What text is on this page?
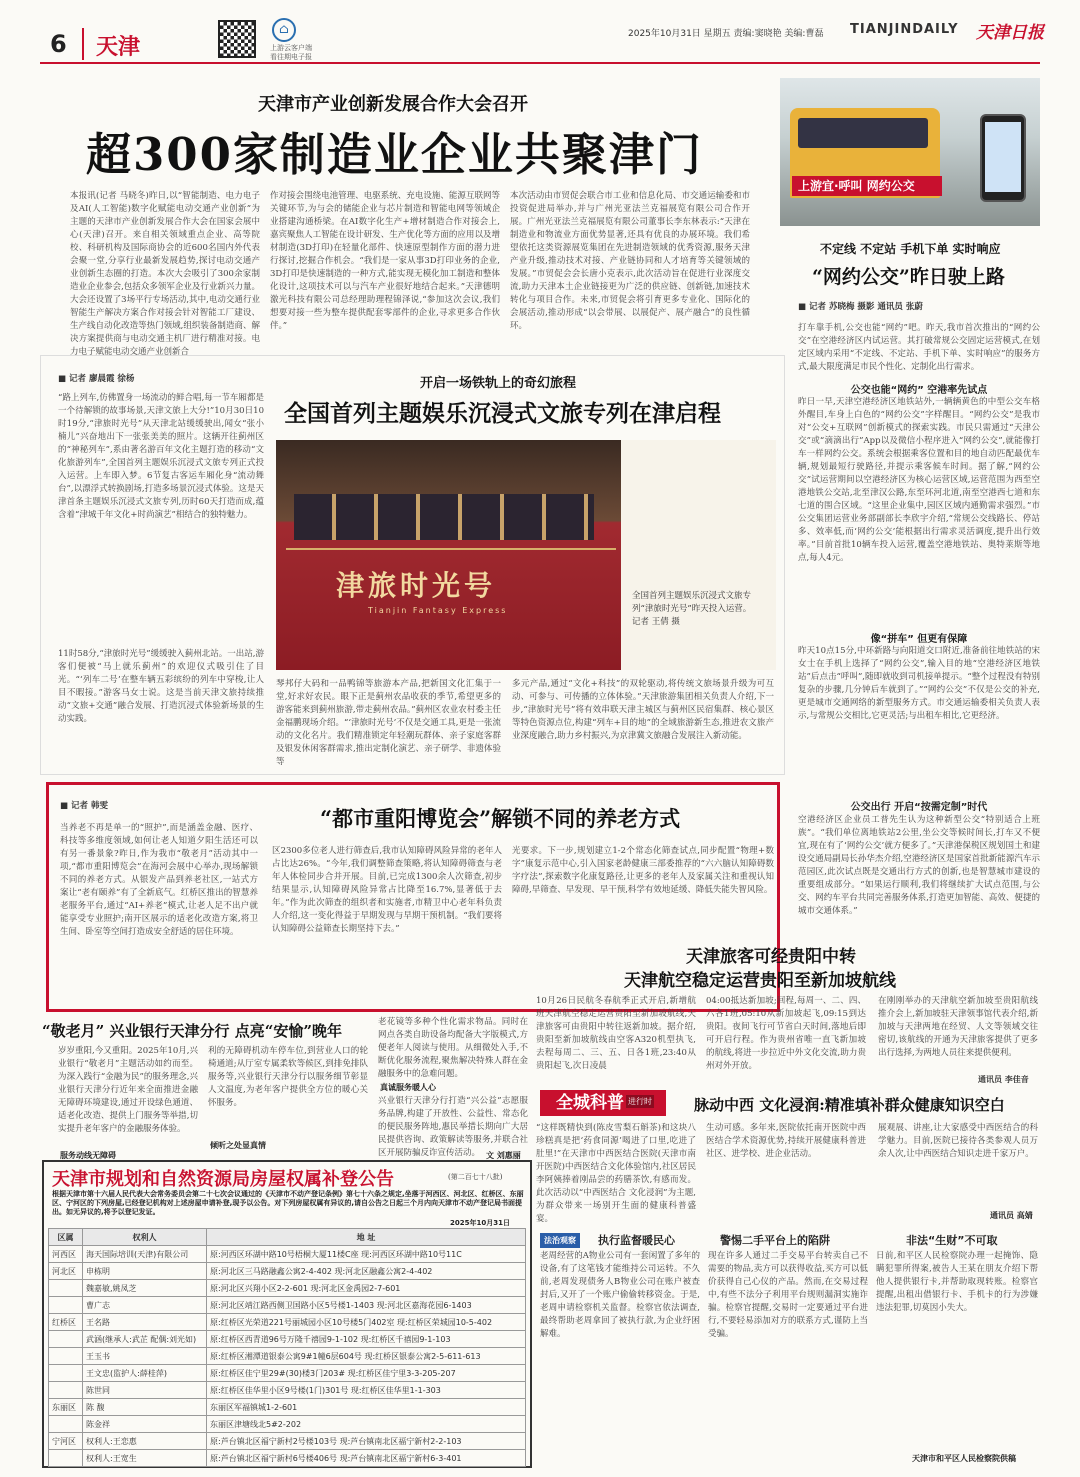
6 天津
⌂
上游云客户端
看往期电子报
2025年10月31日 星期五 责编:窦晓艳 美编:曹磊 TIANJINDAILY 天津日报
天津市产业创新发展合作大会召开
超300家制造业企业共聚津门
本报讯(记者 马晓冬)昨日,以“智能制造、电力电子及AI(人工智能)数字化赋能电动交通产业创新”为主题的天津市产业创新发展合作大会在国家会展中心(天津)召开。来自相关领域重点企业、高等院校、科研机构及国际商协会的近600名国内外代表会聚一堂,分享行业最新发展趋势,探讨电动交通产业创新生态圈的打造。本次大会吸引了300余家制造业企业参会,包括众多领军企业及行业新兴力量。大会还设置了3场平行专场活动,其中,电动交通行业智能生产解决方案合作对接会针对智能工厂建设、生产线自动化改造等热门领域,组织装备制造商、解决方案提供商与电动交通主机厂进行精准对接。电力电子赋能电动交通产业创新合
作对接会围绕电池管理、电驱系统、充电设施、能源互联网等关键环节,为与会的储能企业与芯片制造和智能电网等领域企业搭建沟通桥梁。在AI数字化生产+增材制造合作对接会上,嘉宾聚焦人工智能在设计研发、生产优化等方面的应用以及增材制造(3D打印)在轻量化部件、快速原型制作方面的潜力进行探讨,挖掘合作机会。“我们是一家从事3D打印业务的企业,3D打印是快速制造的一种方式,能实现无模化加工制造和整体化设计,这项技术可以与汽车产业很好地结合起来。”天津德明激光科技有限公司总经理助理程锦泽说,“参加这次会议,我们想要对接一些为整车提供配套零部件的企业,寻求更多合作伙伴。”
本次活动由市贸促会联合市工业和信息化局、市交通运输委和市投资促进局举办,并与广州光亚法兰克福展览有限公司合作开展。广州光亚法兰克福展览有限公司董事长李东林表示:“天津在制造业和物流业方面优势显著,还具有优良的办展环境。我们希望依托这类资源展览集团在先进制造领域的优秀资源,服务天津产业升级,推动技术对接、产业链协同和人才培育等关键领域的发展。”市贸促会会长唐小克表示,此次活动旨在促进行业深度交流,助力天津本土企业链接更为广泛的供应链、创新链,加速技术转化与项目合作。未来,市贸促会将引育更多专业化、国际化的会展活动,推动形成“以会带展、以展促产、展产融合”的良性循环。
上游宜·呼叫 网约公交
不定线 不定站 手机下单 实时响应
“网约公交”昨日驶上路
■ 记者 苏晓梅 摄影 通讯员 张蔚
打车靠手机,公交也能“网约”吧。昨天,我市首次推出的“网约公交”在空港经济区内试运营。其打破常规公交固定运营模式,在划定区域内采用“不定线、不定站、手机下单、实时响应”的服务方式,最大限度满足市民个性化、定制化出行需求。
公交也能“网约” 空港率先试点
昨日一早,天津空港经济区地铁站外,一辆辆黄色的中型公交车格外醒目,车身上白色的“网约公交”字样醒目。“网约公交”是我市对“公交+互联网”创新模式的探索实践。市民只需通过“天津公交”或“滴滴出行”App以及微信小程序进入“网约公交”,就能像打车一样网约公交。系统会根据乘客位置和目的地自动匹配最优车辆,规划最短行驶路径,并提示乘客候车时间。据了解,“网约公交”试运营期间以空港经济区为核心运营区域,运营范围为西至空港地铁公交站,北至津汉公路,东至环河北道,南至空港西七道和东七道的围合区域。“这里企业集中,园区区域内通勤需求强烈。”市公交集团运营业务部副部长李欣宇介绍,“常规公交线路长、停站多、效率低,而‘网约公交’能根据出行需求灵活调度,提升出行效率。”目前首批10辆车投入运营,覆盖空港地铁站、奥特莱斯等地点,每人4元。
像“拼车” 但更有保障
昨天10点15分,中环新路与向阳道交口附近,准备前往地铁站的宋女士在手机上选择了“网约公交”,输入目的地“空港经济区地铁站”后点击“呼叫”,随即就收到司机接单提示。“整个过程没有特别复杂的步骤,几分钟后车就到了。”“网约公交”不仅是公交的补充,更是城市交通网络的新型服务方式。市交通运输委相关负责人表示,与常规公交相比,它更灵活;与出租车相比,它更经济。
公交出行 开启“按需定制”时代
空港经济区企业员工普先生认为这种新型公交“特别适合上班族”。“我们单位离地铁站2公里,坐公交等候时间长,打车又不便宜,现在有了‘网约公交’就方便多了。”天津港保税区规划国土和建设交通局副局长孙华杰介绍,空港经济区是国家首批新能源汽车示范园区,此次试点既是交通出行方式的创新,也是智慧城市建设的重要组成部分。“如果运行顺利,我们将继续扩大试点范围,与公交、网约车平台共同完善服务体系,打造更加智能、高效、便捷的城市交通体系。”
■ 记者 廖晨霞 徐杨	开启一场铁轨上的奇幻旅程
全国首列主题娱乐沉浸式文旅专列在津启程
“路上列车,仿佛置身一场流动的鲜合唱,每一节车厢都是一个待解锁的故事场景,天津文旅上大分!”10月30日10时19分,“津旅时光号”从天津北站缓缓驶出,闻女“张小楠儿”兴奋地出下一张张美美的照片。这辆开往蓟州区的“神秘列车”,系由著名游百年文化主题打造的移动“文化旅游列车”,全国首列主题娱乐沉浸式文旅专列正式投入运营。上车即入梦。6节复古客运车厢化身“流动舞台”,以漂浮式转换剧场,打造多场景沉浸式体验。这是天津首条主题娱乐沉浸式文旅专列,历时60天打造而成,蕴含着“津城千年文化+时尚演艺”相结合的独特魅力。
11时58分,“津旅时光号”缓缓驶入蓟州北站。一出站,游客们便被“马上就乐蓟州”的欢迎仪式吸引住了目光。“‘列车二号’在整车辆五彩缤纷的列车中穿梭,让人目不暇接。”游客马女士说。这是当前天津文旅持续推动“文旅+交通”融合发展、打造沉浸式体验新场景的生动实践。
津旅时光号
Tianjin Fantasy Express
全国首列主题娱乐沉浸式文旅专列“津旅时光号”昨天投入运营。记者 王倩 摄
琴邦仔大码和一品鸭锦等旅游本产品,把新国文化汇集于一堂,好求好农民。眼下正是蓟州农品收获的季节,希望更多的游客能来到蓟州旅游,带走蓟州农品。”蓟州区农业农村委主任金福鹏现场介绍。“‘津旅时光号’不仅是交通工具,更是一张流动的文化名片。我们精准锁定年轻潮玩群体、亲子家庭客群及银发休闲客群需求,推出定制化演艺、亲子研学、非遗体验等
多元产品,通过“文化+科技”的双轮驱动,将传统文旅场景升级为可互动、可参与、可传播的立体体验。”天津旅游集团相关负责人介绍,下一步,“津旅时光号”将有效串联天津主城区与蓟州区民宿集群、核心景区等特色资源点位,构建“列车+目的地”的全域旅游新生态,推进农文旅产业深度融合,助力乡村振兴,为京津冀文旅融合发展注入新动能。
■ 记者 韩雯	“都市重阳博览会”解锁不同的养老方式
当养老不再是单一的“照护”,而是涵盖金融、医疗、科技等多维度领域,如何让老人知道夕阳生活还可以有另一番景象?昨日,作为我市“敬老月”活动其中一项,“都市重阳博览会”在海河会展中心举办,现场解锁不同的养老方式。从银发产品到养老社区,一站式方案让“老有颐养”有了全新底气。红桥区推出的智慧养老服务平台,通过“AI+养老”模式,让老人足不出户就能享受专业照护;南开区展示的适老化改造方案,将卫生间、卧室等空间打造成安全舒适的居住环境。
区2300多位老人进行筛查后,我市认知障碍风险异常的老年人占比达26%。“今年,我们调整筛查策略,将认知障碍筛查与老年人体检同步合并开展。目前,已完成1300余人次筛查,初步结果显示,认知障碍风险异常占比降至16.7%,显著低于去年。”作为此次筛查的组织者和实施者,市精卫中心老年科负责人介绍,这一变化得益于早期发现与早期干预机制。“我们要将认知障碍公益筛查长期坚持下去。”
光要求。下一步,规划建立1-2个常态化筛查试点,同步配置“物理+数字”康复示范中心,引入国家老龄健康三部委推荐的“六六脑认知障碍数字疗法”,探索数字化康复路径,让更多的老年人及家属关注和重视认知障碍,早筛查、早发现、早干预,科学有效地延缓、降低失能失智风险。
天津旅客可经贵阳中转
天津航空稳定运营贵阳至新加坡航线
10月26日民航冬春航季正式开启,新增航班天津航空稳定运营贵阳至新加坡航线,天津旅客可由贵阳中转往返新加坡。据介绍,贵阳至新加坡航线由空客A320机型执飞,去程每周二、三、五、日各1班,23:40从贵阳起飞,次日凌晨
04:00抵达新加坡;回程,每周一、二、四、六各1班,05:10从新加坡起飞,09:15到达贵阳。夜间飞行可节省白天时间,落地后即可开启行程。作为贵州省唯一直飞新加坡的航线,将进一步拉近中外文化交流,助力贵州对外开放。
在刚刚举办的天津航空新加坡至贵阳航线推介会上,新加坡驻天津领事馆代表介绍,新加坡与天津两地在经贸、人文等领域交往密切,该航线的开通为天津旅客提供了更多出行选择,为两地人员往来提供便利。
通讯员 李佳音
“敬老月” 兴业银行天津分行 点亮“安愉”晚年
岁岁重阳,今又重阳。2025年10月,兴业银行“敬老月”主题活动如约而至。为深入践行“金融为民”的服务理念,兴业银行天津分行近年来全面推进金融无障碍环境建设,通过开设绿色通道、适老化改造、提供上门服务等举措,切实提升老年客户的金融服务体验。
服务动线无障碍
利的无障碍机动车停车位,到营业人口的轮椅通道;从厅室专属柔软等候区,到排免排队服务等,兴业银行天津分行以服务细节彰显人文温度,为老年客户提供全方位的暖心关怀服务。
倾听之处显真情
老花镜等多种个性化需求物品。同时在网点各类自助设备均配备大字版模式,方便老年人阅读与使用。从细微处入手,不断优化服务流程,聚焦解决特殊人群在金融服务中的急难问题。
真诚服务暖人心
兴业银行天津分行打造“兴公益”志愿服务品牌,构建了开放性、公益性、常态化的便民服务阵地,惠民举措长期向广大居民提供咨询、政策解读等服务,并联合社区开展防骗反诈宣传活动。 文 刘惠丽
天津市规划和自然资源局房屋权属补登公告	(第二百七十八批)
根据天津市第十六届人民代表大会常务委员会第二十七次会议通过的《天津市不动产登记条例》第七十六条之规定,坐落于河西区、河北区、红桥区、东丽区、宁河区的下列房屋,已经登记机构对上述房屋申请补登,现予以公告。对下列房屋权属有异议的,请自公告之日起三个月内向天津市不动产登记局书面提出。如无异议的,将予以登记发证。
2025年10月31日
区属	权利人	地 址
河西区	海天国际培训(天津)有限公司	原:河西区环湖中路10号梧桐大厦11楼C座 现:河西区环湖中路10号11C
河北区	申栋明	原:河北区三马路融鑫公寓2-4-402 现:河北区融鑫公寓2-4-402
	魏嘉敏,姚凤芝	原:河北区兴翔小区2-2-601 现:河北区金禹园2-7-601
	曹广志	原:河北区靖江路西侧卫国路小区5号楼1-1403 现:河北区嘉海花园6-1403
红桥区	王名路	原:红桥区光荣道221号丽城园小区10号楼5门402室 现:红桥区荣城园10-5-402
	武涵(继承人:武芷 配偶:刘光如)	原:红桥区西青道96号万隆千禧园9-1-102 现:红桥区千禧园9-1-103
	王玉书	原:红桥区湘潭道银泰公寓9#1幢6层604号 现:红桥区银泰公寓2-5-611-613
	王文忠(监护人:薛桂萍)	原:红桥区佳宁里29#(30)楼3门203# 现:红桥区佳宁里3-3-205-207
	陈世同	原:红桥区佳华里小区9号楼(1门)301号 现:红桥区佳华里1-1-303
东丽区	陈 馥	东丽区军福镇城1-2-601
	陈金祥	东丽区津塘线北5#2-202
宁河区	权利人:王恋惠	原:芦台镇北区福宁新村2号楼103号 现:芦台镇南北区福宁新村2-2-103
	权利人:王宽生	原:芦台镇北区福宁新村6号楼406号 现:芦台镇南北区福宁新村6-3-401
全城科普 进行时	脉动中西 文化浸润:精准填补群众健康知识空白
“这样既精快到(陈皮雪梨石斛茶)和这块八珍糕真是把‘药食同源’喝进了口里,吃进了肚里!”在天津市中西医结合医院(天津市南开医院)中西医结合文化体验馆内,社区居民李阿姨捧着刚品尝的药膳茶饮,有感而发。此次活动以“中西医结合 文化浸润”为主题,为群众带来一场别开生面的健康科普盛宴。
生动可感。多年来,医院依托南开医院中西医结合学术资源优势,持续开展健康科普进社区、进学校、进企业活动。
展观展、讲座,让大家感受中西医结合的科学魅力。目前,医院已接待各类参观人员万余人次,让中西医结合知识走进千家万户。
通讯员 高婧
法治观察	执行监督暖民心	警惕二手平台上的陷阱	非法“生财”不可取
老周经营的A物业公司有一套闲置了多年的设备,有了这笔钱才能维持公司运转。不久前,老周发现债务人B物业公司在账户被查封后,又开了一个账户偷偷转移资金。于是,老周申请检察机关监督。检察官依法调查,最终帮助老周拿回了被执行款,为企业纾困解难。
现在许多人通过二手交易平台转卖自己不需要的物品,卖方可以获得收益,买方可以低价获得自己心仪的产品。然而,在交易过程中,有些不法分子利用平台规则漏洞实施诈骗。检察官提醒,交易时一定要通过平台进行,不要轻易添加对方的联系方式,谨防上当受骗。
日前,和平区人民检察院办理一起掩饰、隐瞒犯罪所得案,被告人王某在朋友介绍下帮他人提供银行卡,并帮助取现转账。检察官提醒,出租出借银行卡、手机卡的行为涉嫌违法犯罪,切莫因小失大。
天津市和平区人民检察院供稿
